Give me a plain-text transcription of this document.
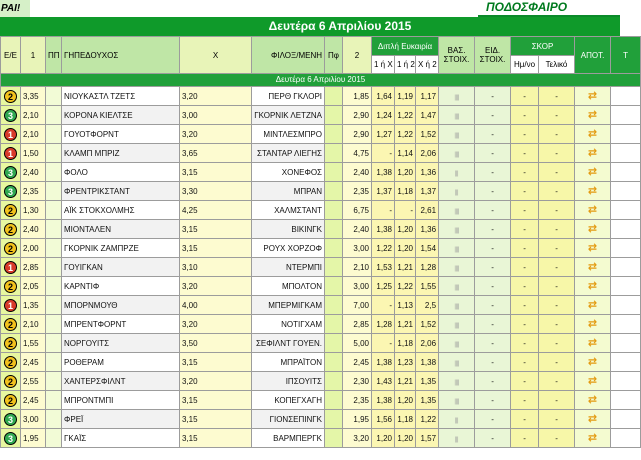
PAI!	ΠΟΔΟΣΦΑΙΡΟ
Δευτέρα 6 Απριλίου 2015
Ε/Ε	1	ΠΠ	ΓΗΠΕΔΟΥΧΟΣ	X	ΦΙΛΟΞ/ΜΕΝΗ	Πφ	2	Διπλή Ευκαιρία			ΒΑΣ. ΣΤΟΙΧ.	ΕΙΔ. ΣΤΟΙΧ.	ΣΚΟΡ		ΑΠΟΤ.	Τ
								1 ή X	1 ή 2	X ή 2			Ημ/νο	Τελικό		
Δευτέρα 6 Απριλίου 2015																
2	3,35		ΝΙΟΥΚΑΣΤΛ ΤΖΕΤΣ	3,20	ΠΕΡΘ ΓΚΛΟΡΙ		1,85	1,64	1,19	1,17	||||	-	-	-	⇄	
3	2,10		ΚΟΡΟΝΑ ΚΙΕΛΤΣΕ	3,00	ΓΚΟΡΝΙΚ ΛΕΤΖΝΑ		2,90	1,24	1,22	1,47	||||	-	-	-	⇄	
1	2,10		ΓΟΥΟΤΦΟΡΝΤ	3,20	ΜΙΝΤΛΕΣΜΠΡΟ		2,90	1,27	1,22	1,52	||||	-	-	-	⇄	
1	1,50		ΚΛΑΜΠ ΜΠΡΙΖ	3,65	ΣΤΑΝΤΑΡ ΛΙΕΓΗΣ		4,75	-	1,14	2,06	||||	-	-	-	⇄	
3	2,40		ΦΟΛΟ	3,15	ΧΟΝΕΦΟΣ		2,40	1,38	1,20	1,36	|||	-	-	-	⇄	
3	2,35		ΦΡΕΝΤΡΙΚΣΤΑΝΤ	3,30	ΜΠΡΑΝ		2,35	1,37	1,18	1,37	|||	-	-	-	⇄	
2	1,30		ΑΪΚ ΣΤΟΚΧΟΛΜΗΣ	4,25	ΧΑΛΜΣΤΑΝΤ		6,75	-	-	2,61	||||	-	-	-	⇄	
2	2,40		ΜΙΟΝΤΑΛΕΝ	3,15	ΒΙΚΙΝΓΚ		2,40	1,38	1,20	1,36	||||	-	-	-	⇄	
2	2,00		ΓΚΟΡΝΙΚ ΖΑΜΠΡΖΕ	3,15	ΡΟΥΧ ΧΟΡΖΟΦ		3,00	1,22	1,20	1,54	||||	-	-	-	⇄	
1	2,85		ΓΟΥΙΓΚΑΝ	3,10	ΝΤΕΡΜΠΙ		2,10	1,53	1,21	1,28	||||	-	-	-	⇄	
2	2,05		ΚΑΡΝΤΙΦ	3,20	ΜΠΟΛΤΟΝ		3,00	1,25	1,22	1,55	||||	-	-	-	⇄	
1	1,35		ΜΠΟΡΝΜΟΥΘ	4,00	ΜΠΕΡΜΙΓΚΑΜ		7,00	-	1,13	2,5	||||	-	-	-	⇄	
2	2,10		ΜΠΡΕΝΤΦΟΡΝΤ	3,20	ΝΟΤΙΓΧΑΜ		2,85	1,28	1,21	1,52	||||	-	-	-	⇄	
2	1,55		ΝΟΡΓΟΥΙΤΣ	3,50	ΣΕΦΙΛΝΤ ΓΟΥΕΝ.		5,00	-	1,18	2,06	||||	-	-	-	⇄	
2	2,45		ΡΟΘΕΡΑΜ	3,15	ΜΠΡΑΪΤΟΝ		2,45	1,38	1,23	1,38	||||	-	-	-	⇄	
2	2,55		ΧΑΝΤΕΡΣΦΙΛΝΤ	3,20	ΙΠΣΟΥΙΤΣ		2,30	1,43	1,21	1,35	||||	-	-	-	⇄	
2	2,45		ΜΠΡΟΝΤΜΠΙ	3,15	ΚΟΠΕΓΧΑΓΗ		2,35	1,38	1,20	1,35	||||	-	-	-	⇄	
3	3,00		ΦΡΕΪ	3,15	ΓΙΟΝΣΕΠΙΝΓΚ		1,95	1,56	1,18	1,22	|||	-	-	-	⇄	
3	1,95		ΓΚΑΪΣ	3,15	ΒΑΡΜΠΕΡΓΚ		3,20	1,20	1,20	1,57	|||	-	-	-	⇄	
